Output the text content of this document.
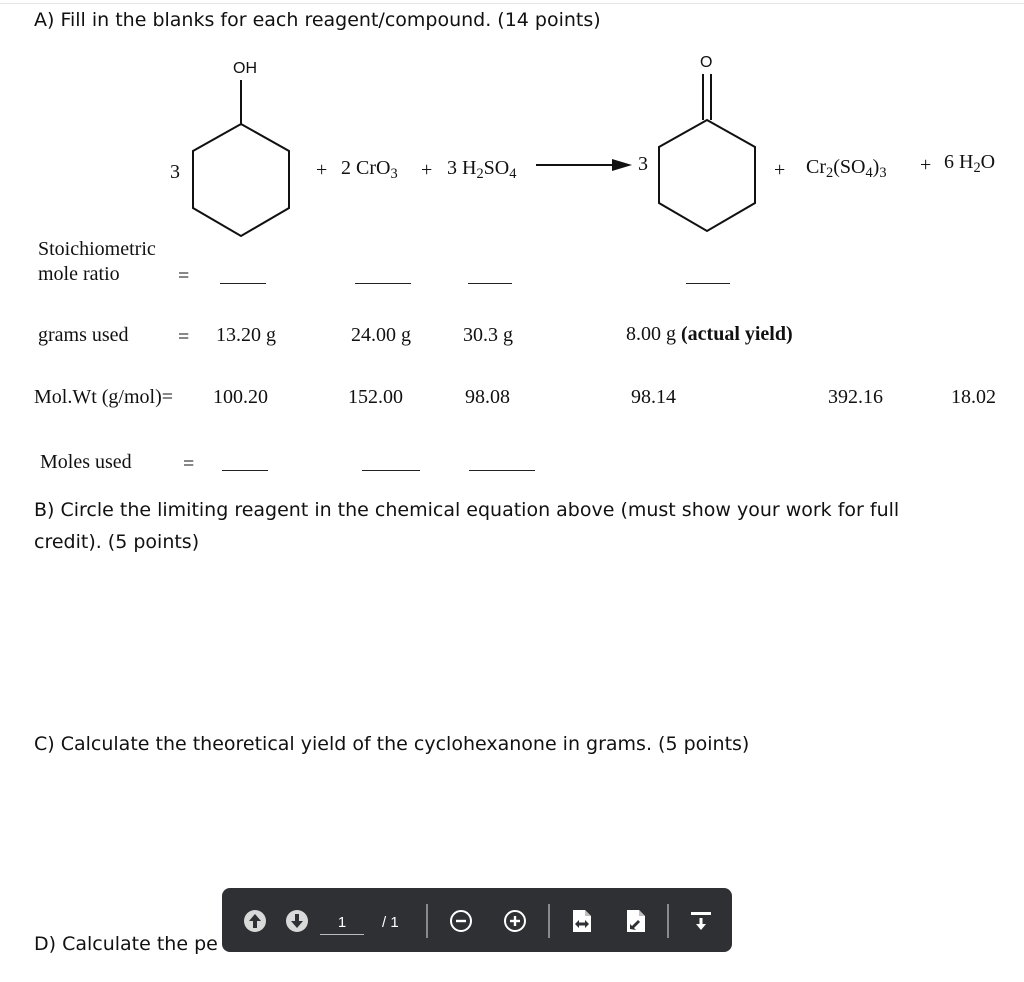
A) Fill in the blanks for each reagent/compound. (14 points)
OH
3	+ 2 CrO$_3$ + 3 $H_2SO_4$	3
O
+ $Cr_2(SO_4)_3 + 6$ $H_2O$
Stoichiometric
mole ratio	=
grams used = 13.20 g	24.00 g	30.3 g	8.00 g (actual yield)
Mol.Wt (g/mol)= 100.20	152.00	98.08	98.14	392.16	18.02
Moles used	=
B) Circle the limiting reagent in the chemical equation above (must show your work for full
credit). (5 points)
C) Calculate the theoretical yield of the cyclohexanone in grams. (5 points)
D) Calculate the pe
1	/ 1
